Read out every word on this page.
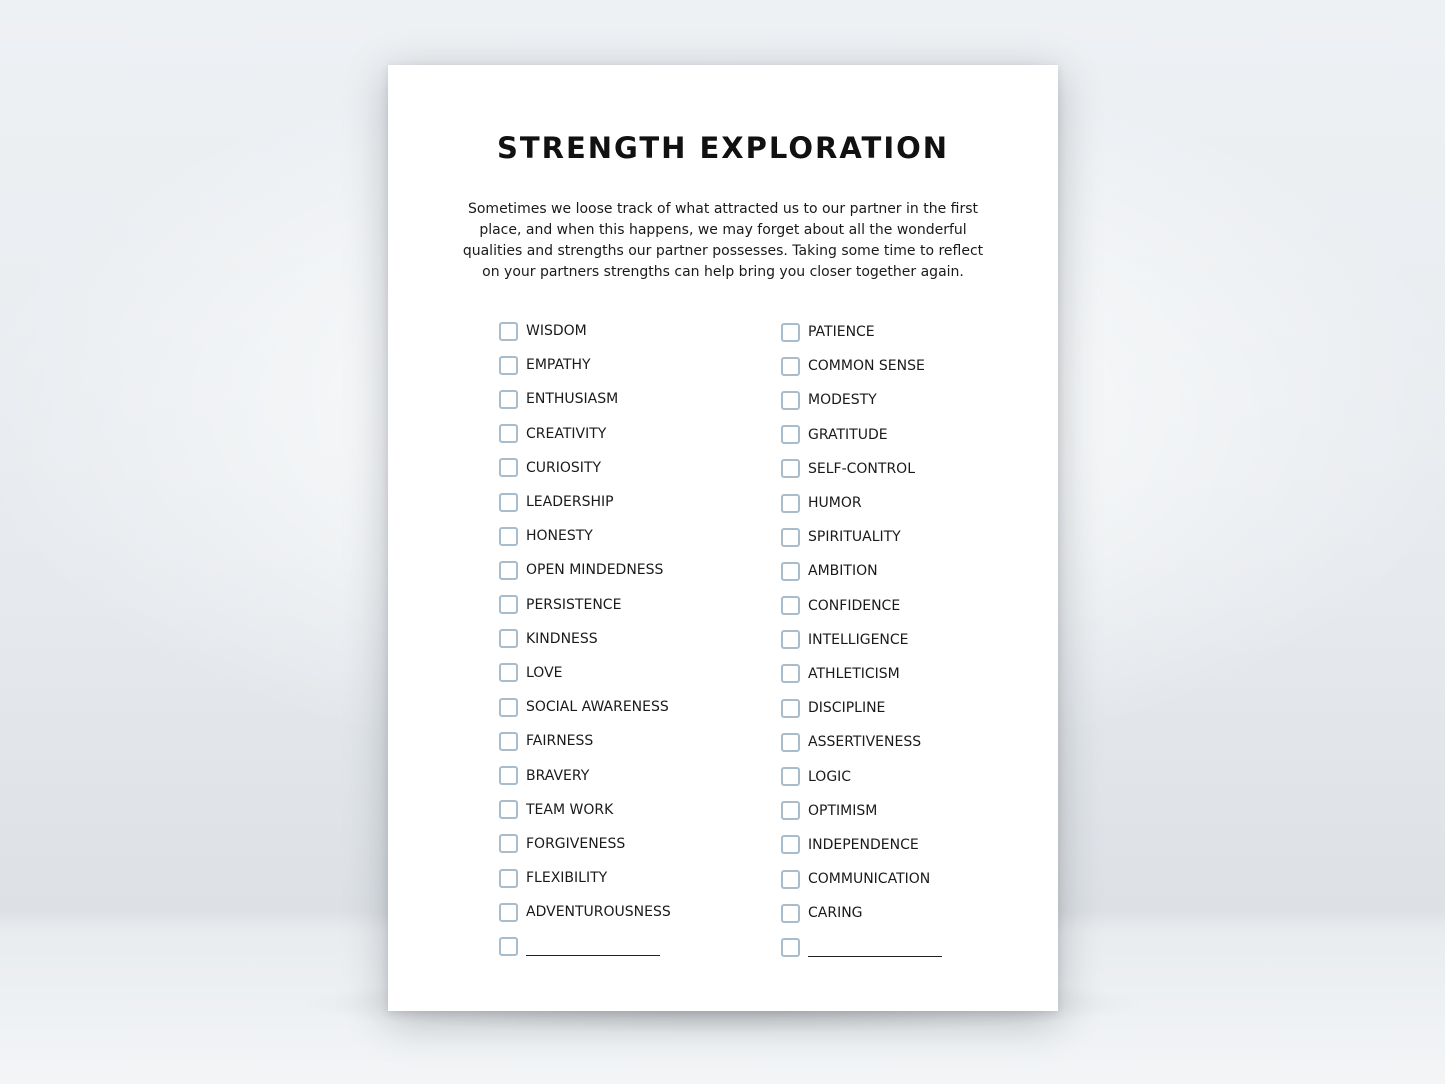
STRENGTH EXPLORATION

Sometimes we loose track of what attracted us to our partner in the first place, and when this happens, we may forget about all the wonderful qualities and strengths our partner possesses. Taking some time to reflect on your partners strengths can help bring you closer together again.

WISDOM
EMPATHY
ENTHUSIASM
CREATIVITY
CURIOSITY
LEADERSHIP
HONESTY
OPEN MINDEDNESS
PERSISTENCE
KINDNESS
LOVE
SOCIAL AWARENESS
FAIRNESS
BRAVERY
TEAM WORK
FORGIVENESS
FLEXIBILITY
ADVENTUROUSNESS
PATIENCE
COMMON SENSE
MODESTY
GRATITUDE
SELF-CONTROL
HUMOR
SPIRITUALITY
AMBITION
CONFIDENCE
INTELLIGENCE
ATHLETICISM
DISCIPLINE
ASSERTIVENESS
LOGIC
OPTIMISM
INDEPENDENCE
COMMUNICATION
CARING
